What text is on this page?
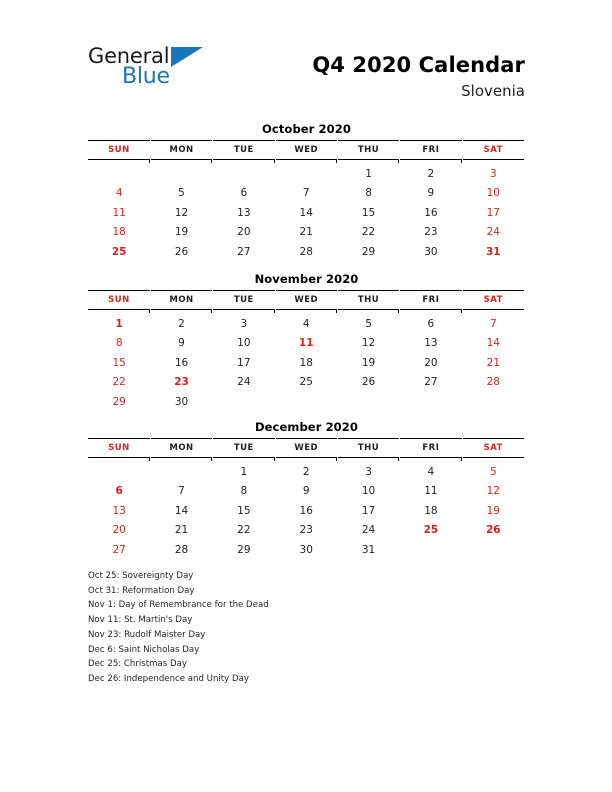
General
Blue	Q4 2020 Calendar
Slovenia
October 2020
SUN	MON	TUE	WED	THU	FRI	SAT
				1	2	3
4	5	6	7	8	9	10
11	12	13	14	15	16	17
18	19	20	21	22	23	24
25	26	27	28	29	30	31
November 2020
SUN	MON	TUE	WED	THU	FRI	SAT
1	2	3	4	5	6	7
8	9	10	11	12	13	14
15	16	17	18	19	20	21
22	23	24	25	26	27	28
29	30					
December 2020
SUN	MON	TUE	WED	THU	FRI	SAT
		1	2	3	4	5
6	7	8	9	10	11	12
13	14	15	16	17	18	19
20	21	22	23	24	25	26
27	28	29	30	31		
Oct 25: Sovereignty Day
Oct 31: Reformation Day
Nov 1: Day of Remembrance for the Dead
Nov 11: St. Martin's Day
Nov 23: Rudolf Maister Day
Dec 6: Saint Nicholas Day
Dec 25: Christmas Day
Dec 26: Independence and Unity Day
